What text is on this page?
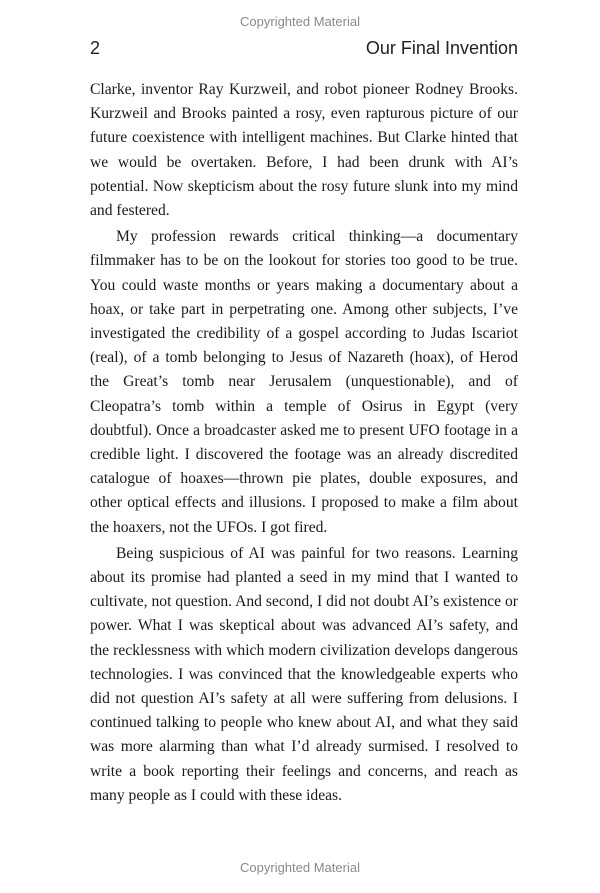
Copyrighted Material
2	Our Final Invention

Clarke, inventor Ray Kurzweil, and robot pioneer Rodney Brooks. Kurzweil and Brooks painted a rosy, even rapturous picture of our future coexistence with intelligent machines. But Clarke hinted that we would be overtaken. Before, I had been drunk with AI’s potential. Now skepticism about the rosy future slunk into my mind and festered.

My profession rewards critical thinking—a documentary filmmaker has to be on the lookout for stories too good to be true. You could waste months or years making a documentary about a hoax, or take part in perpetrating one. Among other subjects, I’ve investigated the credibility of a gospel according to Judas Iscariot (real), of a tomb belonging to Jesus of Nazareth (hoax), of Herod the Great’s tomb near Jerusalem (unquestionable), and of Cleopatra’s tomb within a temple of Osirus in Egypt (very doubtful). Once a broadcaster asked me to present UFO footage in a credible light. I discovered the footage was an already discredited catalogue of hoaxes—thrown pie plates, double exposures, and other optical effects and illusions. I proposed to make a film about the hoaxers, not the UFOs. I got fired.

Being suspicious of AI was painful for two reasons. Learning about its promise had planted a seed in my mind that I wanted to cultivate, not question. And second, I did not doubt AI’s existence or power. What I was skeptical about was advanced AI’s safety, and the recklessness with which modern civilization develops dangerous technologies. I was convinced that the knowledgeable experts who did not question AI’s safety at all were suffering from delusions. I continued talking to people who knew about AI, and what they said was more alarming than what I’d already surmised. I resolved to write a book reporting their feelings and concerns, and reach as many people as I could with these ideas.

Copyrighted Material
